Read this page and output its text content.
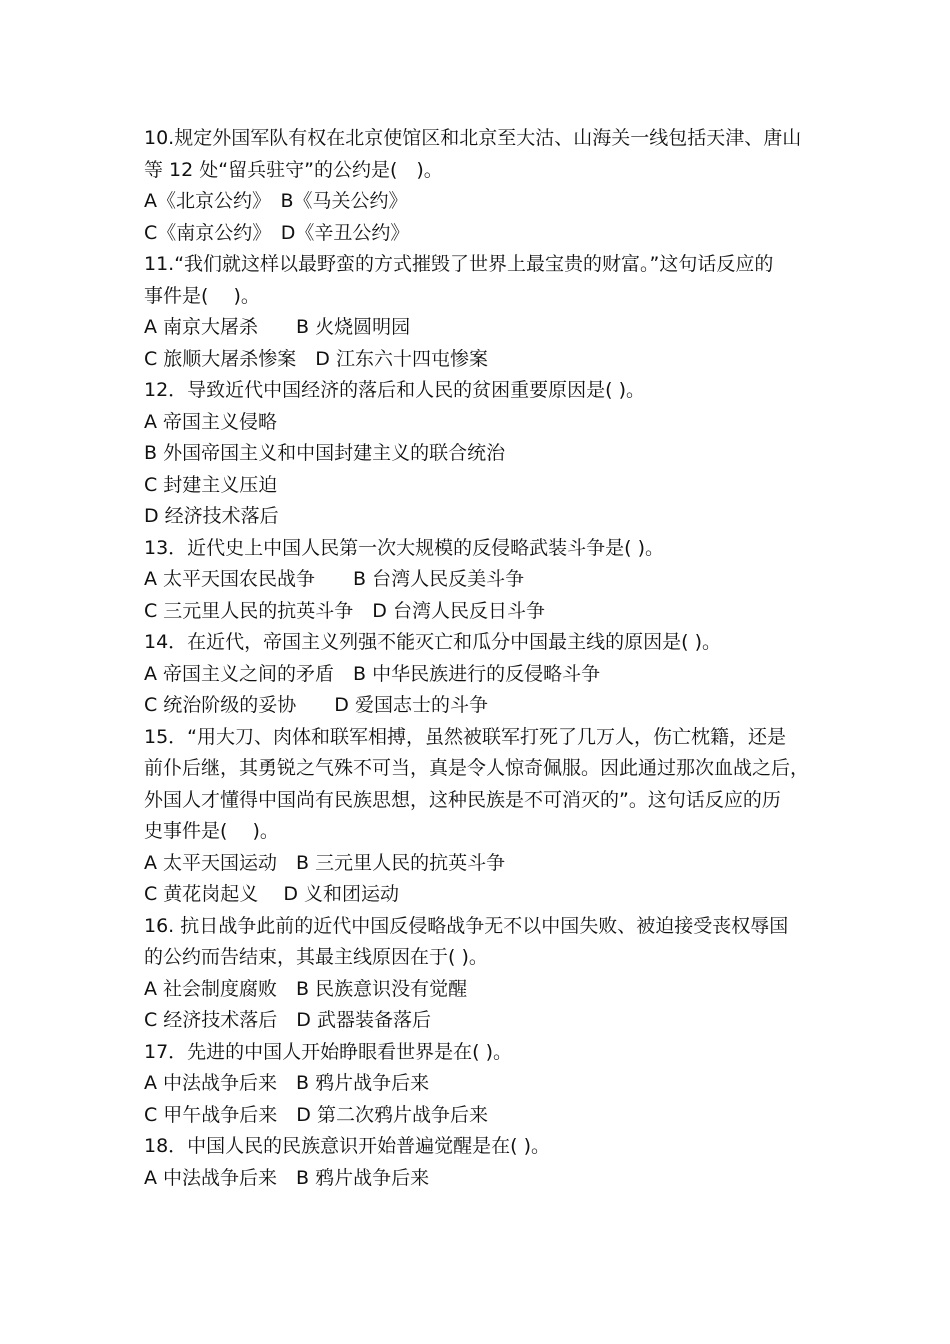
10.规定外国军队有权在北京使馆区和北京至大沽、山海关一线包括天津、唐山
等 12 处“留兵驻守”的公约是(　)。
A《北京公约》　B《马关公约》
C《南京公约》　D《辛丑公约》
11.“我们就这样以最野蛮的方式摧毁了世界上最宝贵的财富。”这句话反应的
事件是(　 )。
A 南京大屠杀　　B 火烧圆明园
C 旅顺大屠杀惨案　D 江东六十四屯惨案
12．导致近代中国经济的落后和人民的贫困重要原因是( )。
A 帝国主义侵略
B 外国帝国主义和中国封建主义的联合统治
C 封建主义压迫
D 经济技术落后
13．近代史上中国人民第一次大规模的反侵略武装斗争是( )。
A 太平天国农民战争　　B 台湾人民反美斗争
C 三元里人民的抗英斗争　D 台湾人民反日斗争
14．在近代，帝国主义列强不能灭亡和瓜分中国最主线的原因是( )。
A 帝国主义之间的矛盾　B 中华民族进行的反侵略斗争
C 统治阶级的妥协　　D 爱国志士的斗争
15．“用大刀、肉体和联军相搏，虽然被联军打死了几万人，伤亡枕籍，还是
前仆后继，其勇锐之气殊不可当，真是令人惊奇佩服。因此通过那次血战之后，
外国人才懂得中国尚有民族思想，这种民族是不可消灭的”。这句话反应的历
史事件是(　 )。
A 太平天国运动　B 三元里人民的抗英斗争
C 黄花岗起义　 D 义和团运动
16. 抗日战争此前的近代中国反侵略战争无不以中国失败、被迫接受丧权辱国
的公约而告结束，其最主线原因在于( )。
A 社会制度腐败　B 民族意识没有觉醒
C 经济技术落后　D 武器装备落后
17．先进的中国人开始睁眼看世界是在( )。
A 中法战争后来　B 鸦片战争后来
C 甲午战争后来　D 第二次鸦片战争后来
18．中国人民的民族意识开始普遍觉醒是在( )。
A 中法战争后来　B 鸦片战争后来
